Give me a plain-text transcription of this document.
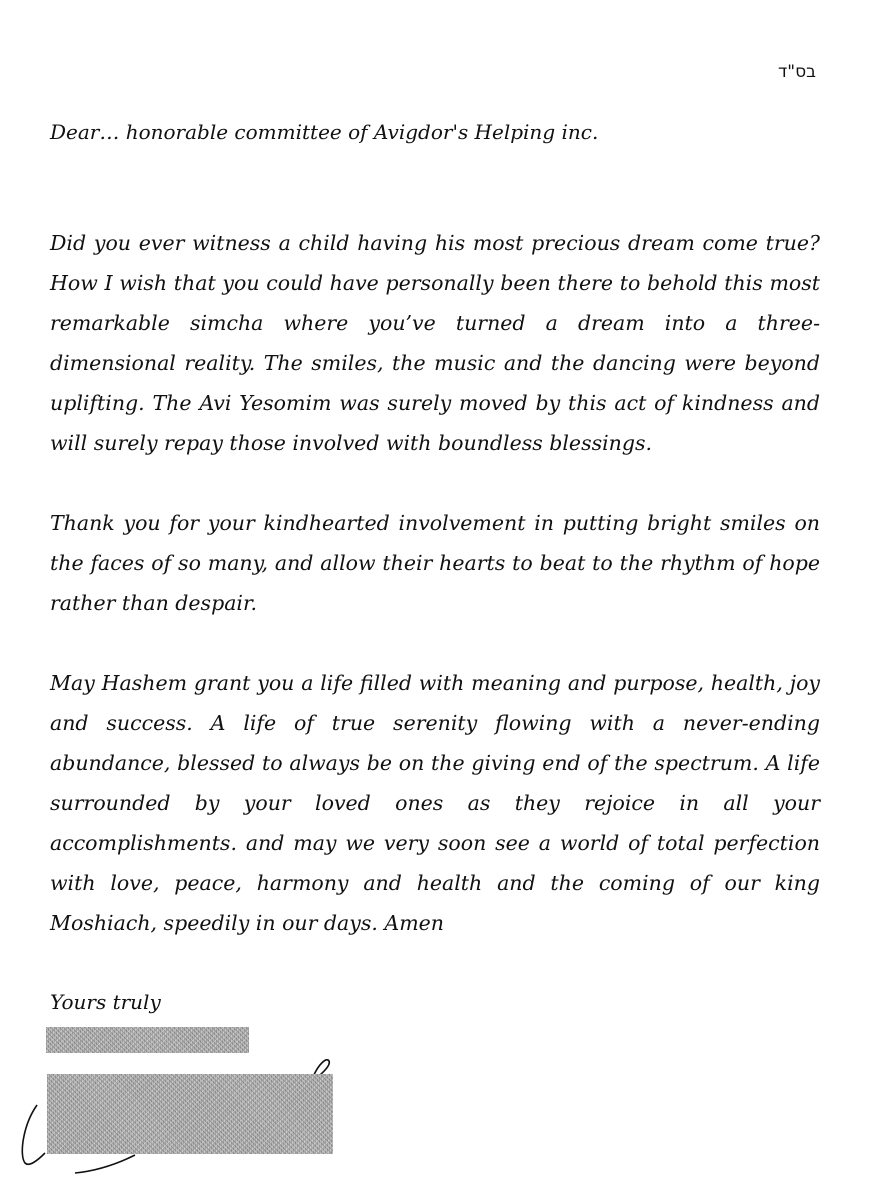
בס"ד
Dear… honorable committee of Avigdor's Helping inc.

Did you ever witness a child having his most precious dream come true? How I wish that you could have personally been there to behold this most remarkable simcha where you’ve turned a dream into a three-dimensional reality. The smiles, the music and the dancing were beyond uplifting. The Avi Yesomim was surely moved by this act of kindness and will surely repay those involved with boundless blessings.

Thank you for your kindhearted involvement in putting bright smiles on the faces of so many, and allow their hearts to beat to the rhythm of hope rather than despair.

May Hashem grant you a life filled with meaning and purpose, health, joy and success. A life of true serenity flowing with a never-ending abundance, blessed to always be on the giving end of the spectrum. A life surrounded by your loved ones as they rejoice in all your accomplishments. and may we very soon see a world of total perfection with love, peace, harmony and health and the coming of our king Moshiach, speedily in our days. Amen

Yours truly
